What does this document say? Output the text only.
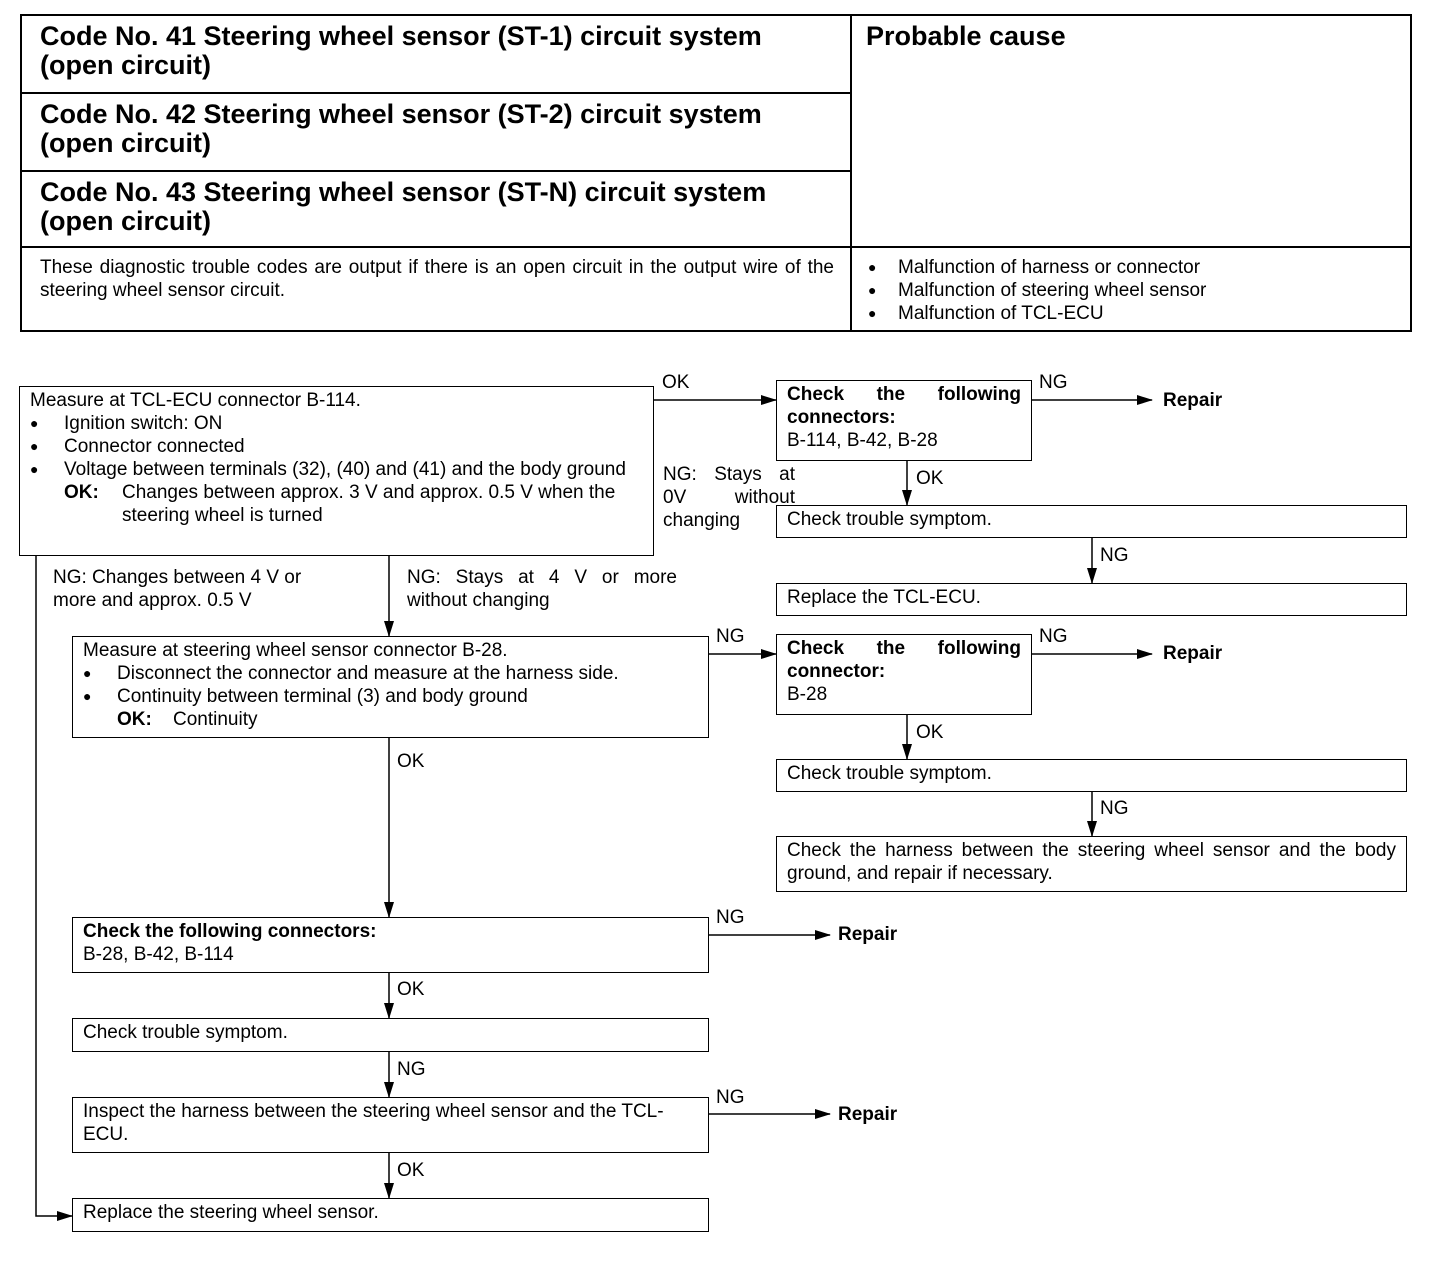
Code No. 41 Steering wheel sensor (ST-1) circuit system (open circuit)
Code No. 42 Steering wheel sensor (ST-2) circuit system (open circuit)
Code No. 43 Steering wheel sensor (ST-N) circuit system (open circuit)
Probable cause
These diagnostic trouble codes are output if there is an open circuit in the output wire of the steering wheel sensor circuit.
● Malfunction of harness or connector
● Malfunction of steering wheel sensor
● Malfunction of TCL-ECU
Measure at TCL-ECU connector B-114.
● Ignition switch: ON
● Connector connected
● Voltage between terminals (32), (40) and (41) and the body ground
OK:	Changes between approx. 3 V and approx. 0.5 V when the steering wheel is turned
Check the following connectors:
B-114, B-42, B-28
Check trouble symptom.
Replace the TCL-ECU.
Measure at steering wheel sensor connector B-28.
● Disconnect the connector and measure at the harness side.
● Continuity between terminal (3) and body ground
OK:	Continuity
Check the following connector:
B-28
Check trouble symptom.
Check the harness between the steering wheel sensor and the body ground, and repair if necessary.
Check the following connectors:
B-28, B-42, B-114
Check trouble symptom.
Inspect the harness between the steering wheel sensor and the TCL-ECU.
Replace the steering wheel sensor.
Repair
Repair
Repair
Repair
OK	NG
OK
NG
NG	NG
OK
NG
OK
NG
OK
NG
NG
OK
NG: Stays at 0V without changing
NG: Changes between 4 V or more and approx. 0.5 V
NG: Stays at 4 V or more without changing
